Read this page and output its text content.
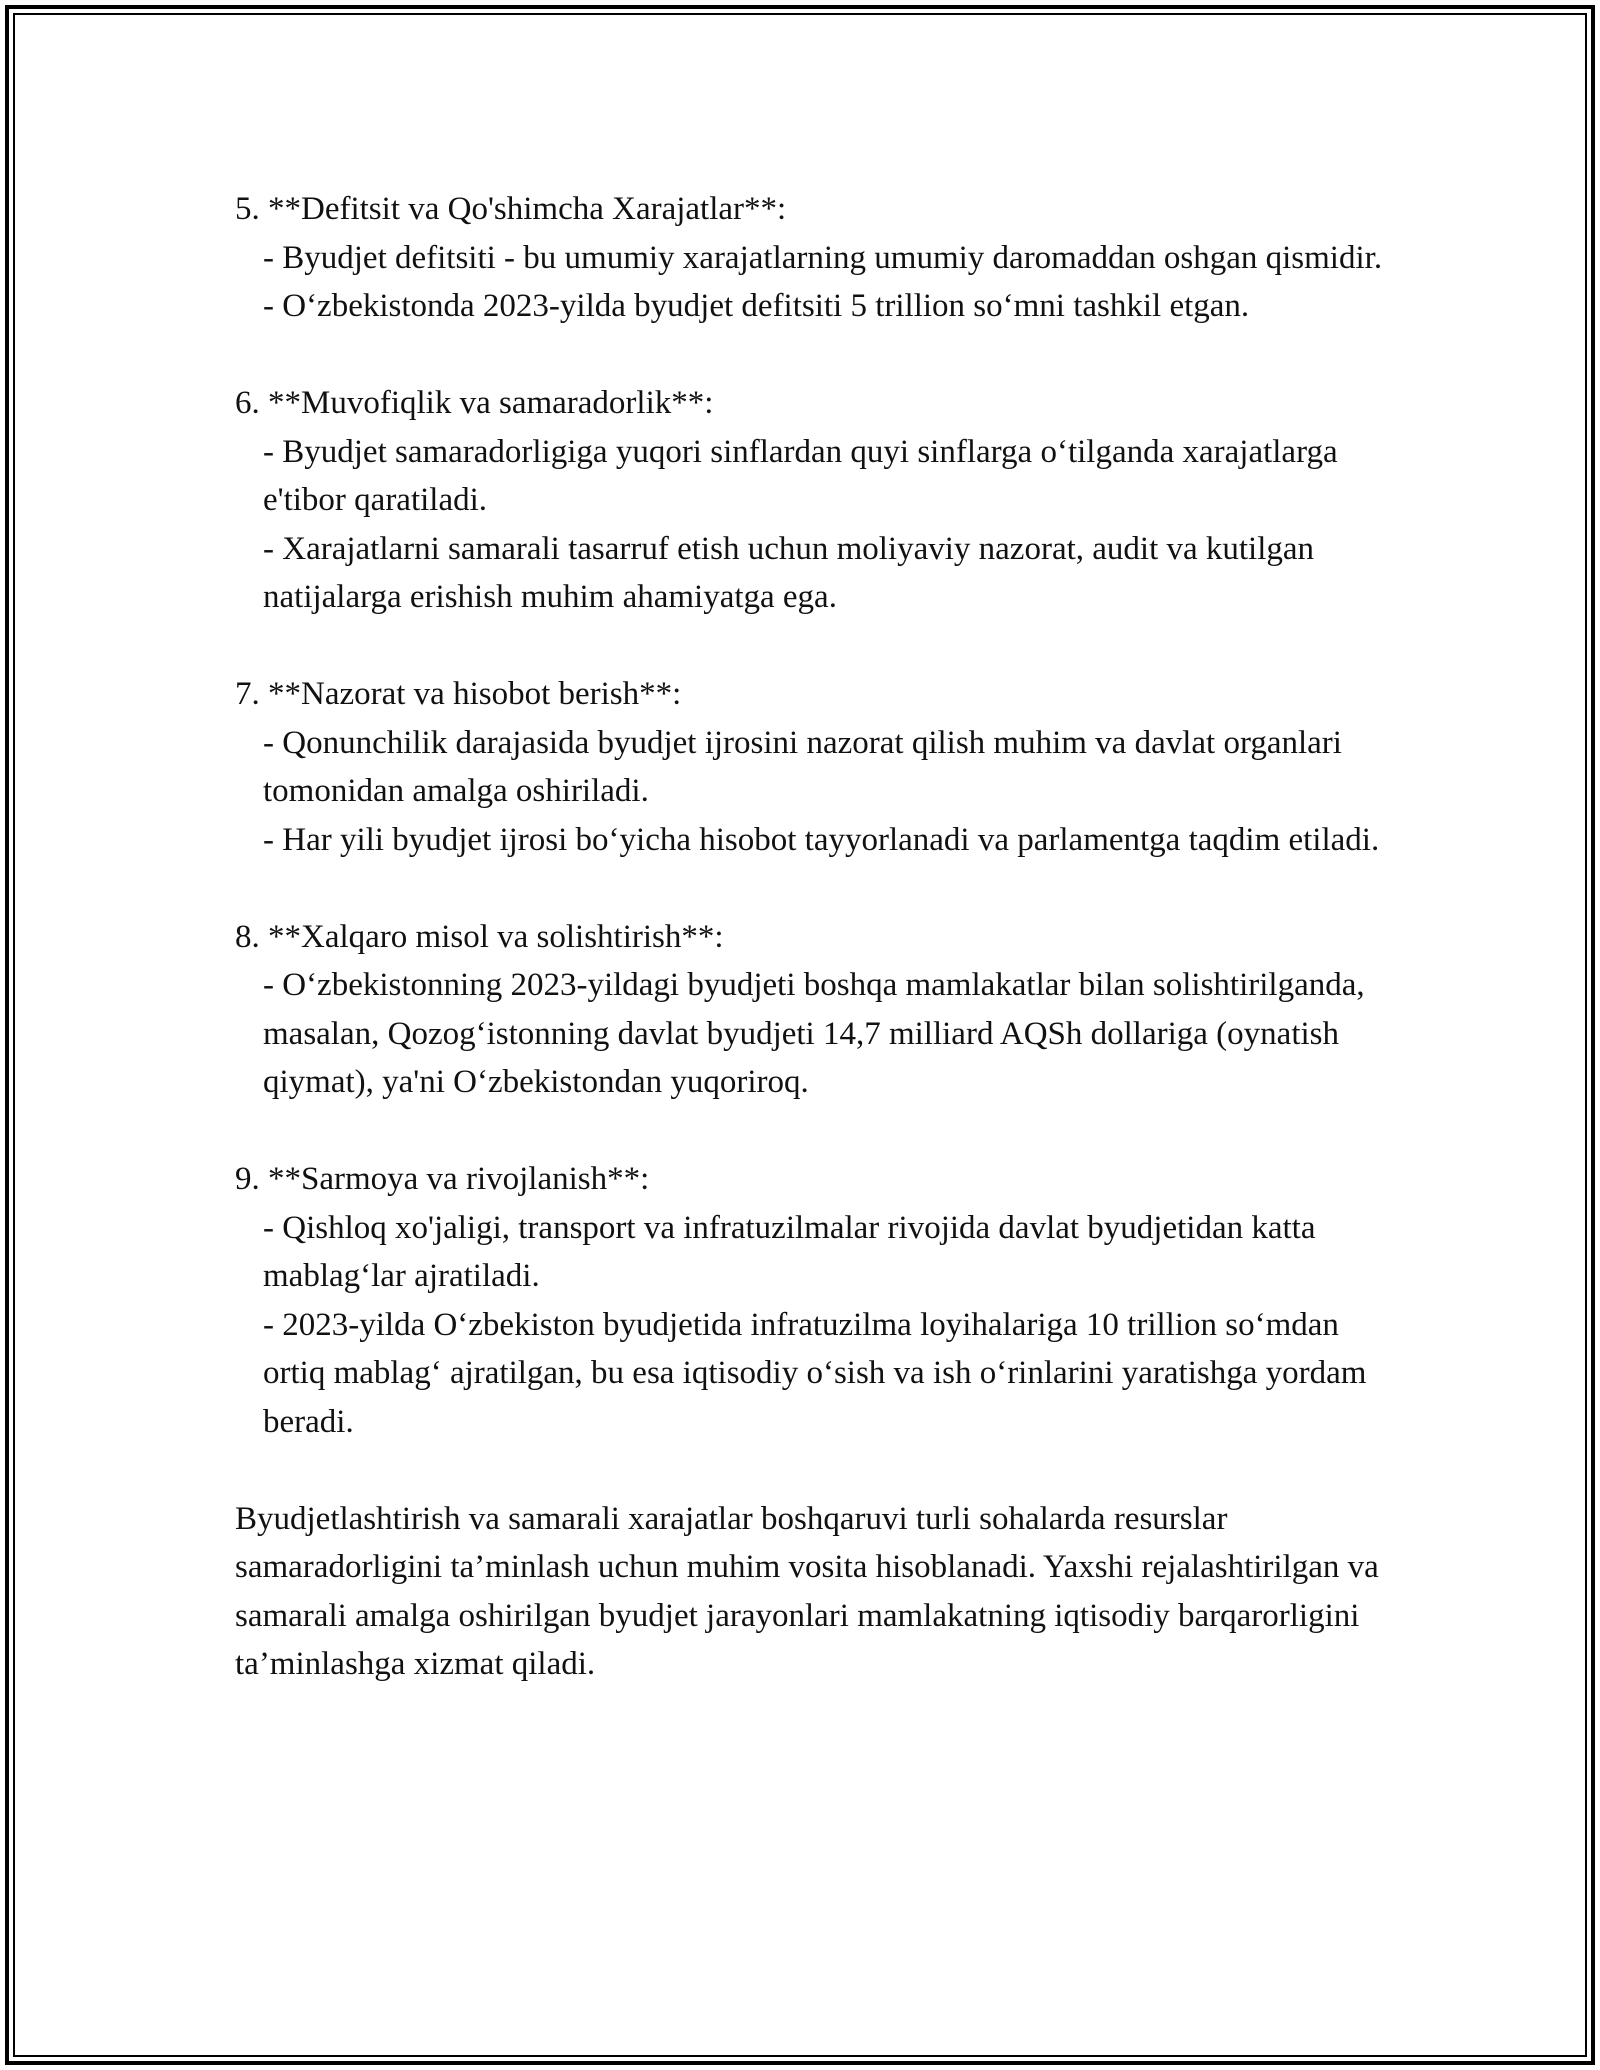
5. **Defitsit va Qo'shimcha Xarajatlar**:
- Byudjet defitsiti - bu umumiy xarajatlarning umumiy daromaddan oshgan qismidir.
- O‘zbekistonda 2023-yilda byudjet defitsiti 5 trillion so‘mni tashkil etgan.
6. **Muvofiqlik va samaradorlik**:
- Byudjet samaradorligiga yuqori sinflardan quyi sinflarga o‘tilganda xarajatlarga e'tibor qaratiladi.
- Xarajatlarni samarali tasarruf etish uchun moliyaviy nazorat, audit va kutilgan natijalarga erishish muhim ahamiyatga ega.
7. **Nazorat va hisobot berish**:
- Qonunchilik darajasida byudjet ijrosini nazorat qilish muhim va davlat organlari tomonidan amalga oshiriladi.
- Har yili byudjet ijrosi bo‘yicha hisobot tayyorlanadi va parlamentga taqdim etiladi.
8. **Xalqaro misol va solishtirish**:
- O‘zbekistonning 2023-yildagi byudjeti boshqa mamlakatlar bilan solishtirilganda, masalan, Qozog‘istonning davlat byudjeti 14,7 milliard AQSh dollariga (oynatish qiymat), ya'ni O‘zbekistondan yuqoriroq.
9. **Sarmoya va rivojlanish**:
- Qishloq xo'jaligi, transport va infratuzilmalar rivojida davlat byudjetidan katta mablag‘lar ajratiladi.
- 2023-yilda O‘zbekiston byudjetida infratuzilma loyihalariga 10 trillion so‘mdan ortiq mablag‘ ajratilgan, bu esa iqtisodiy o‘sish va ish o‘rinlarini yaratishga yordam beradi.

Byudjetlashtirish va samarali xarajatlar boshqaruvi turli sohalarda resurslar samaradorligini ta’minlash uchun muhim vosita hisoblanadi. Yaxshi rejalashtirilgan va samarali amalga oshirilgan byudjet jarayonlari mamlakatning iqtisodiy barqarorligini ta’minlashga xizmat qiladi.
